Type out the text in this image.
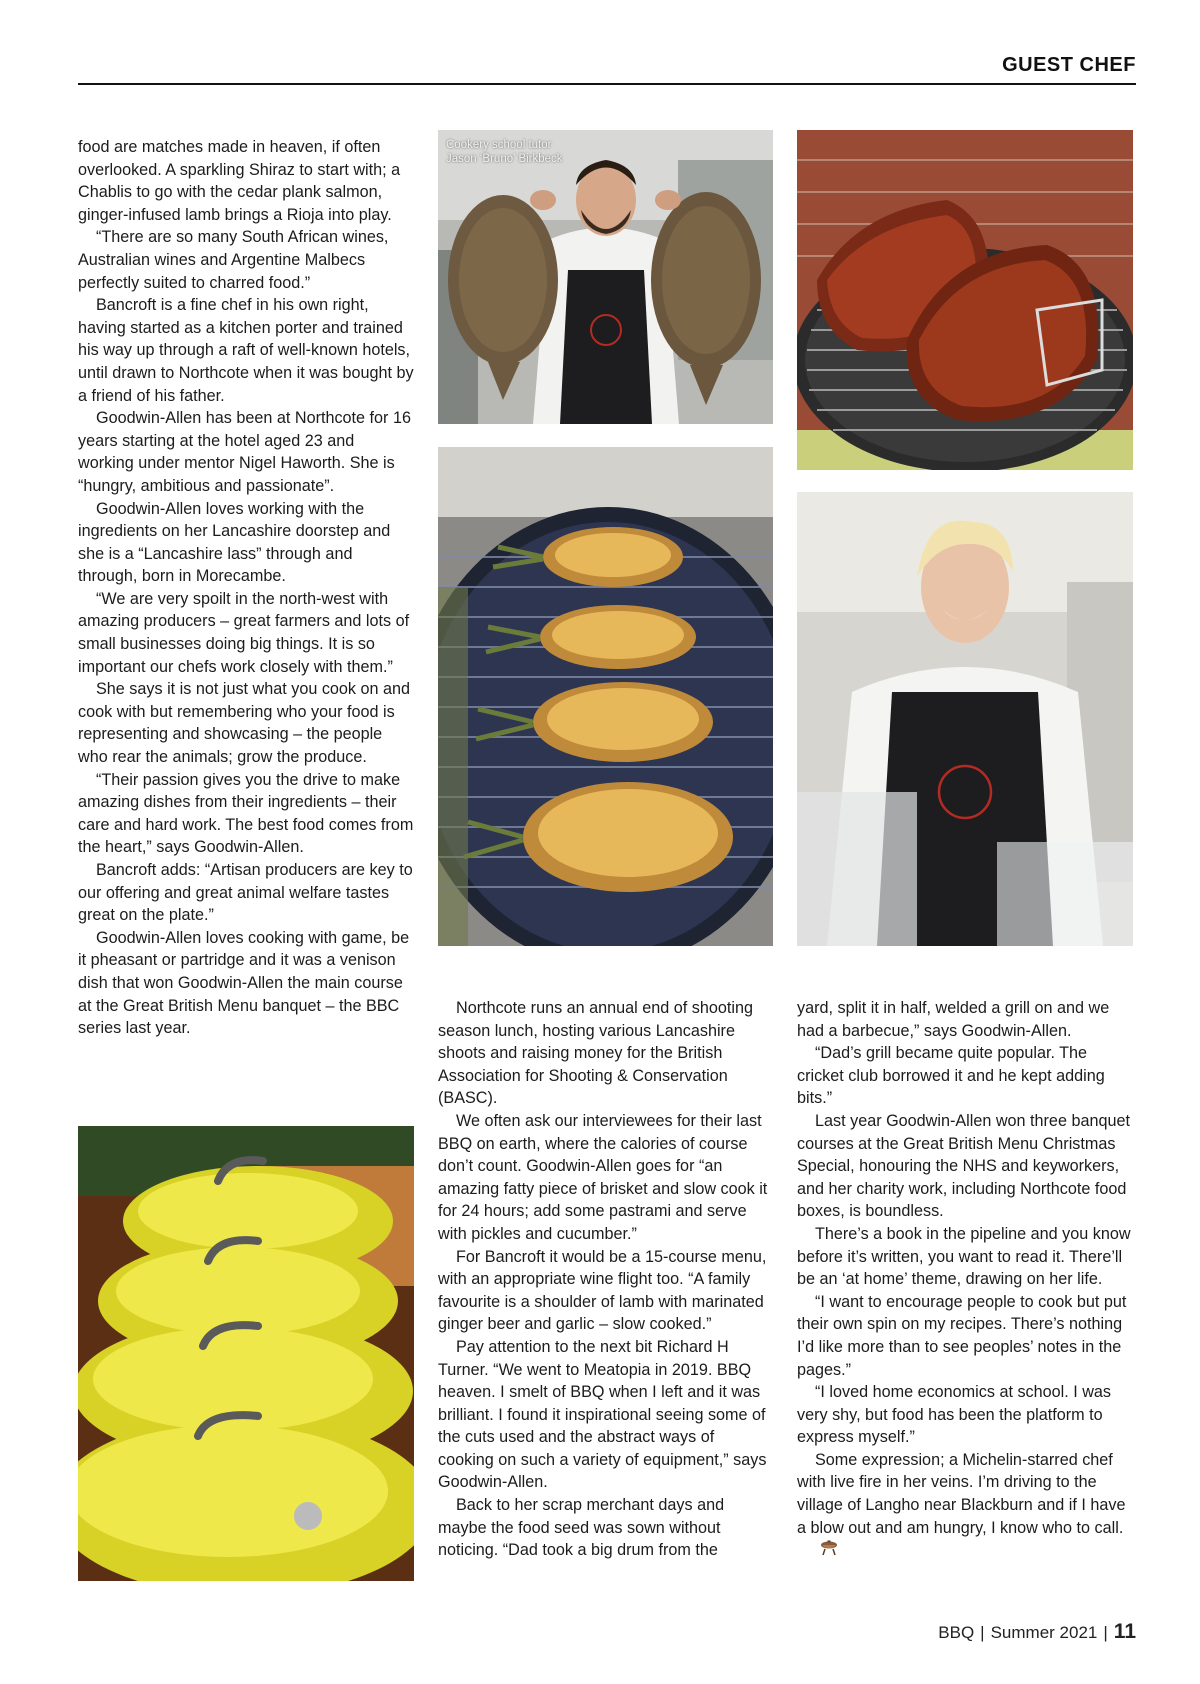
GUEST CHEF

food are matches made in heaven, if often overlooked. A sparkling Shiraz to start with; a Chablis to go with the cedar plank salmon, ginger-infused lamb brings a Rioja into play.

“There are so many South African wines, Australian wines and Argentine Malbecs perfectly suited to charred food.”

Bancroft is a fine chef in his own right, having started as a kitchen porter and trained his way up through a raft of well-known hotels, until drawn to Northcote when it was bought by a friend of his father.

Goodwin-Allen has been at Northcote for 16 years starting at the hotel aged 23 and working under mentor Nigel Haworth. She is “hungry, ambitious and passionate”.

Goodwin-Allen loves working with the ingredients on her Lancashire doorstep and she is a “Lancashire lass” through and through, born in Morecambe.

“We are very spoilt in the north-west with amazing producers – great farmers and lots of small businesses doing big things. It is so important our chefs work closely with them.”

She says it is not just what you cook on and cook with but remembering who your food is representing and showcasing – the people who rear the animals; grow the produce.

“Their passion gives you the drive to make amazing dishes from their ingredients – their care and hard work. The best food comes from the heart,” says Goodwin-Allen.

Bancroft adds: “Artisan producers are key to our offering and great animal welfare tastes great on the plate.”

Goodwin-Allen loves cooking with game, be it pheasant or partridge and it was a venison dish that won Goodwin-Allen the main course at the Great British Menu banquet – the BBC series last year.

Northcote runs an annual end of shooting season lunch, hosting various Lancashire shoots and raising money for the British Association for Shooting & Conservation (BASC).

We often ask our interviewees for their last BBQ on earth, where the calories of course don’t count. Goodwin-Allen goes for “an amazing fatty piece of brisket and slow cook it for 24 hours; add some pastrami and serve with pickles and cucumber.”

For Bancroft it would be a 15-course menu, with an appropriate wine flight too. “A family favourite is a shoulder of lamb with marinated ginger beer and garlic – slow cooked.”

Pay attention to the next bit Richard H Turner. “We went to Meatopia in 2019. BBQ heaven. I smelt of BBQ when I left and it was brilliant. I found it inspirational seeing some of the cuts used and the abstract ways of cooking on such a variety of equipment,” says Goodwin-Allen.

Back to her scrap merchant days and maybe the food seed was sown without noticing. “Dad took a big drum from the

yard, split it in half, welded a grill on and we had a barbecue,” says Goodwin-Allen.

“Dad’s grill became quite popular. The cricket club borrowed it and he kept adding bits.”

Last year Goodwin-Allen won three banquet courses at the Great British Menu Christmas Special, honouring the NHS and keyworkers, and her charity work, including Northcote food boxes, is boundless.

There’s a book in the pipeline and you know before it’s written, you want to read it. There’ll be an ‘at home’ theme, drawing on her life.

“I want to encourage people to cook but put their own spin on my recipes. There’s nothing I’d like more than to see peoples’ notes in the pages.”

“I loved home economics at school. I was very shy, but food has been the platform to express myself.”

Some expression; a Michelin-starred chef with live fire in her veins. I’m driving to the village of Langho near Blackburn and if I have a blow out and am hungry, I know who to call.

Cookery school tutor
Jason ‘Bruno’ Birkbeck
BBQ | Summer 2021 | 11
